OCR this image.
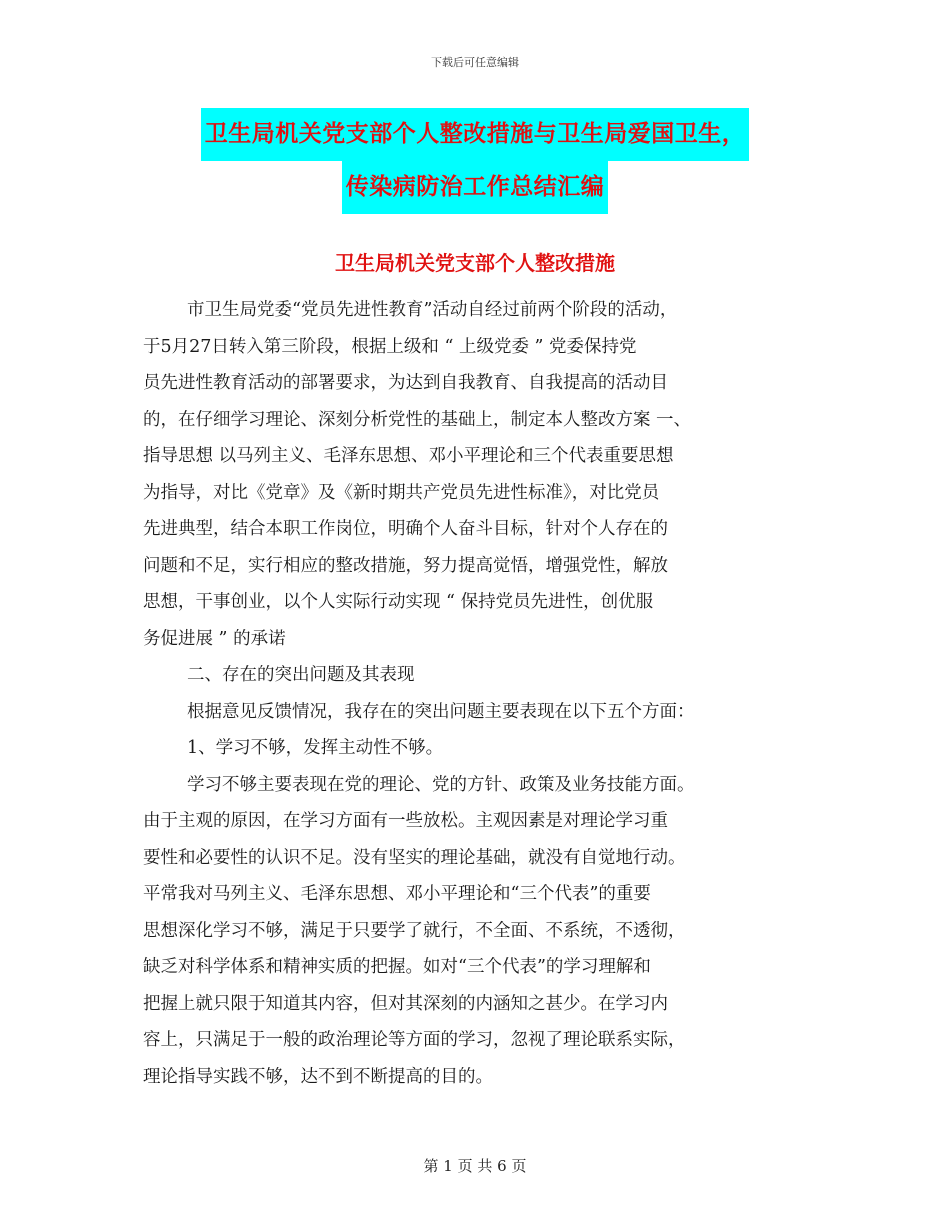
下载后可任意编辑
卫生局机关党支部个人整改措施与卫生局爱国卫生，
传染病防治工作总结汇编
卫生局机关党支部个人整改措施

市卫生局党委“党员先进性教育”活动自经过前两个阶段的活动，

于5月27日转入第三阶段，根据上级和 “ 上级党委 ” 党委保持党

员先进性教育活动的部署要求，为达到自我教育、自我提高的活动目

的，在仔细学习理论、深刻分析党性的基础上，制定本人整改方案 一、

指导思想 以马列主义、毛泽东思想、邓小平理论和三个代表重要思想

为指导，对比《党章》及《新时期共产党员先进性标准》，对比党员

先进典型，结合本职工作岗位，明确个人奋斗目标，针对个人存在的

问题和不足，实行相应的整改措施，努力提高觉悟，增强党性，解放

思想，干事创业，以个人实际行动实现 “ 保持党员先进性，创优服

务促进展 ” 的承诺

二、存在的突出问题及其表现

根据意见反馈情况，我存在的突出问题主要表现在以下五个方面：

1、学习不够，发挥主动性不够。

学习不够主要表现在党的理论、党的方针、政策及业务技能方面。

由于主观的原因，在学习方面有一些放松。主观因素是对理论学习重

要性和必要性的认识不足。没有坚实的理论基础，就没有自觉地行动。

平常我对马列主义、毛泽东思想、邓小平理论和“三个代表”的重要

思想深化学习不够，满足于只要学了就行，不全面、不系统，不透彻，

缺乏对科学体系和精神实质的把握。如对“三个代表”的学习理解和

把握上就只限于知道其内容，但对其深刻的内涵知之甚少。在学习内

容上，只满足于一般的政治理论等方面的学习，忽视了理论联系实际，

理论指导实践不够，达不到不断提高的目的。

第 1 页 共 6 页
